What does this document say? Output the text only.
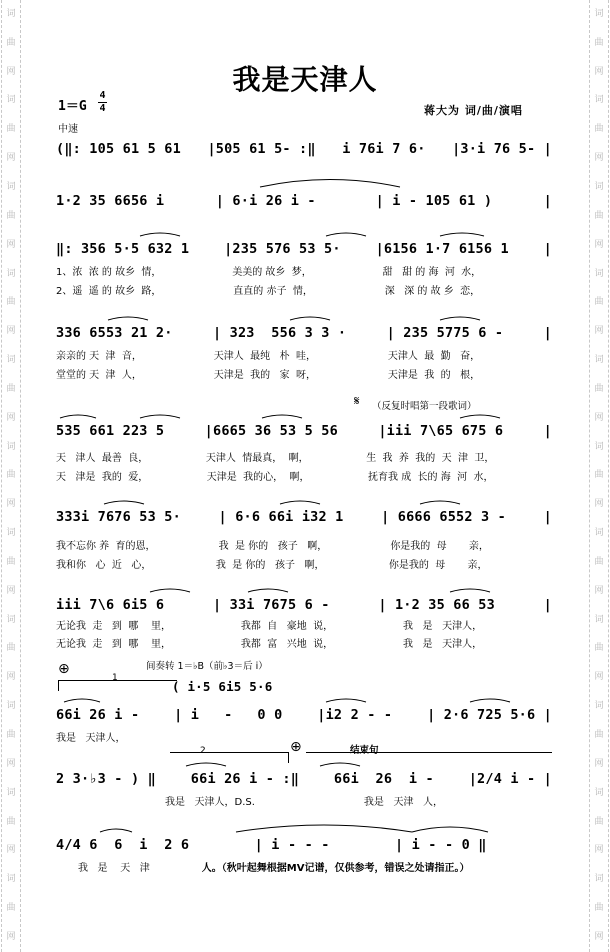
词
曲
网
词
曲
网
词
曲
网
词
曲
网
词
曲
网
词
曲
网
词
曲
网
词
曲
网
词
曲
网
词
曲
网
词
曲
网
词
曲
网
词
曲
网
词
曲
网
词
曲
网
词
曲
网
词
曲
网
词
曲
网
词
曲
网
词
曲
网
词
曲
网
词
曲
网
我是天津人
1＝G
4
4
中速
蒋大为 词/曲/演唱
(‖: 105 61 5 61 |505 61 5- :‖ i 76i 7 6· |3·i 76 5- |
1·2 35 6656 i	| 6·i 26 i -	| i - 105 61 )	|
‖: 356 5·5 632 1	|235 576 53 5·	|6156 1·7 6156 1	|
1、浓  浓 的 故乡  情，	美美的 故乡  梦，	甜   甜 的 海  河  水，
2、遥  遥 的 故乡  路，	直直的 赤子  情，	深   深 的 故 乡  恋，
336 6553 21 2·	| 323  556 3 3 ·	| 235 5775 6 -	|
亲亲的 天  津  音，	天津人  最纯   朴  哇，	天津人  最  勤   奋，
堂堂的 天  津  人，	天津是  我的   家  呀，	天津是  我  的   根，
𝄋 （反复时唱第一段歌词）
535 661 223 5	|6665 36 53 5 56	|iii 7\65 675 6	|
天   津人  最善  良，	天津人  情最真，  啊，	生  我  养  我的  天  津  卫，
天   津是  我的  爱，	天津是  我的心，  啊，	抚育我 成  长的 海  河  水，
333i 7676 53 5·	| 6·6 66i i32 1	| 6666 6552 3 -	|
我不忘你 养  育的恩，	我  是 你的   孩子   啊，	你是我的  母       亲，
我和你   心  近   心，	我  是 你的   孩子   啊，	你是我的  母       亲，
iii 7\6 6i5 6	| 33i 7675 6 -	| 1·2 35 66 53	|
无论我  走   到  哪    里，	我都  自   豪地  说，	我   是   天津人，
无论我  走   到  哪    里，	我都  富   兴地  说，	我   是   天津人，
⊕	间奏转 1＝♭B（前♭3＝后 i）
1
( i·5 6i5 5·6
66i 26 i -	| i   -   0 0	|i2 2 - -	| 2·6 725 5·6 |
我是   天津人，
2	⊕	结束句
2 3·♭3 - ) ‖	66i 26 i - :‖	66i  26  i -	|2/4 i - |
我是   天津人，D.S.	我是   天津   人，
4/4 6  6  i  2 6	| i - - -	| i - - 0 ‖
我   是    天   津	人。（秋叶起舞根据MV记谱，仅供参考，错误之处请指正。）
